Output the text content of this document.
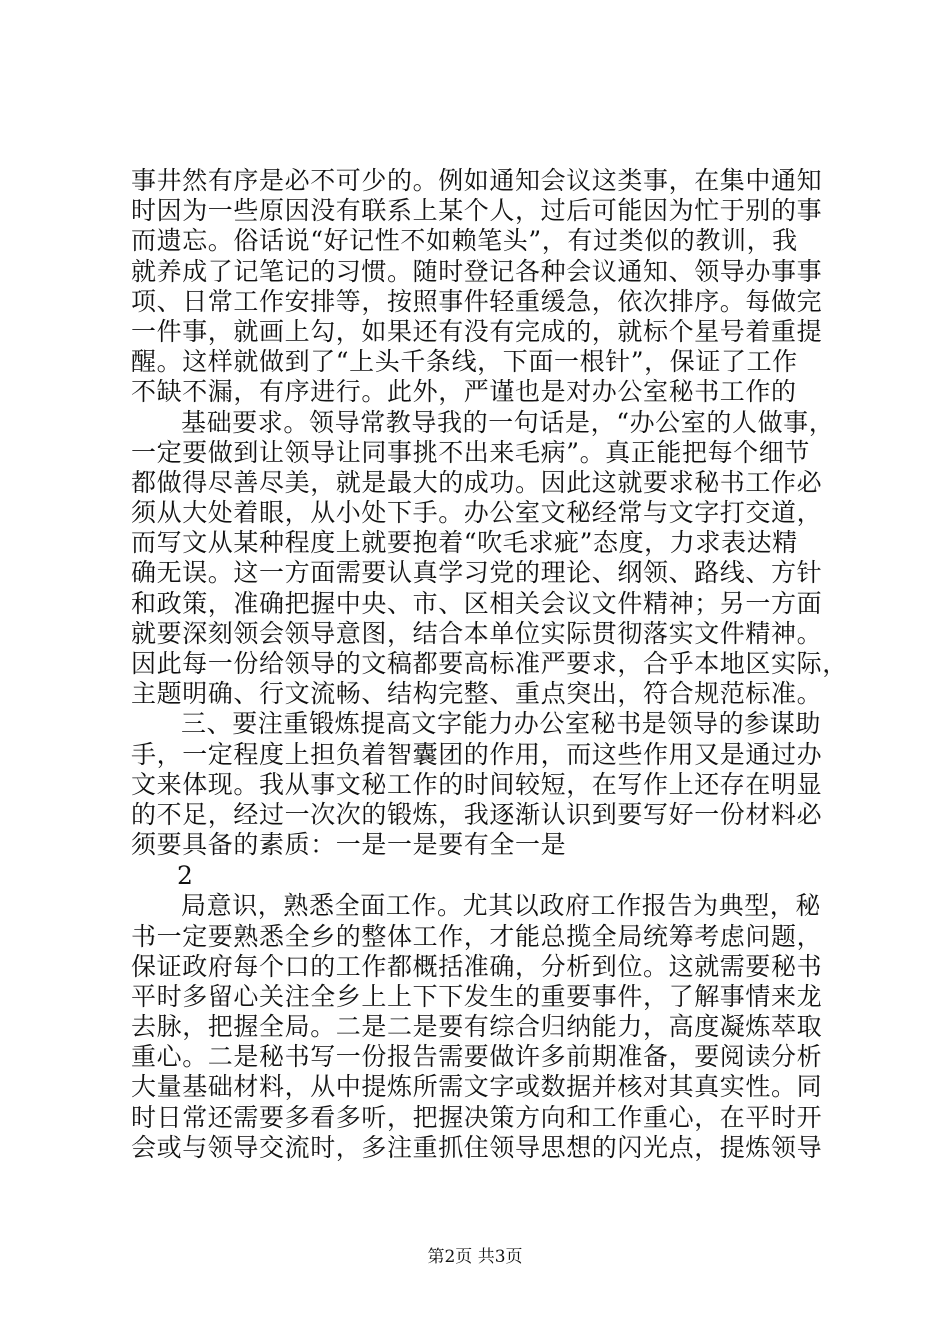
事井然有序是必不可少的。例如通知会议这类事，在集中通知
时因为一些原因没有联系上某个人，过后可能因为忙于别的事
而遗忘。俗话说“好记性不如赖笔头”，有过类似的教训，我
就养成了记笔记的习惯。随时登记各种会议通知、领导办事事
项、日常工作安排等，按照事件轻重缓急，依次排序。每做完
一件事，就画上勾，如果还有没有完成的，就标个星号着重提
醒。这样就做到了“上头千条线，下面一根针”，保证了工作
不缺不漏，有序进行。此外，严谨也是对办公室秘书工作的
基础要求。领导常教导我的一句话是，“办公室的人做事，
一定要做到让领导让同事挑不出来毛病”。真正能把每个细节
都做得尽善尽美，就是最大的成功。因此这就要求秘书工作必
须从大处着眼，从小处下手。办公室文秘经常与文字打交道，
而写文从某种程度上就要抱着“吹毛求疵”态度，力求表达精
确无误。这一方面需要认真学习党的理论、纲领、路线、方针
和政策，准确把握中央、市、区相关会议文件精神；另一方面
就要深刻领会领导意图，结合本单位实际贯彻落实文件精神。
因此每一份给领导的文稿都要高标准严要求，合乎本地区实际，
主题明确、行文流畅、结构完整、重点突出，符合规范标准。
三、要注重锻炼提高文字能力办公室秘书是领导的参谋助
手，一定程度上担负着智囊团的作用，而这些作用又是通过办
文来体现。我从事文秘工作的时间较短，在写作上还存在明显
的不足，经过一次次的锻炼，我逐渐认识到要写好一份材料必
须要具备的素质：一是一是要有全一是
2
局意识，熟悉全面工作。尤其以政府工作报告为典型，秘
书一定要熟悉全乡的整体工作，才能总揽全局统筹考虑问题，
保证政府每个口的工作都概括准确，分析到位。这就需要秘书
平时多留心关注全乡上上下下发生的重要事件，了解事情来龙
去脉，把握全局。二是二是要有综合归纳能力，高度凝炼萃取
重心。二是秘书写一份报告需要做许多前期准备，要阅读分析
大量基础材料，从中提炼所需文字或数据并核对其真实性。同
时日常还需要多看多听，把握决策方向和工作重心，在平时开
会或与领导交流时，多注重抓住领导思想的闪光点，提炼领导
第2页 共3页
